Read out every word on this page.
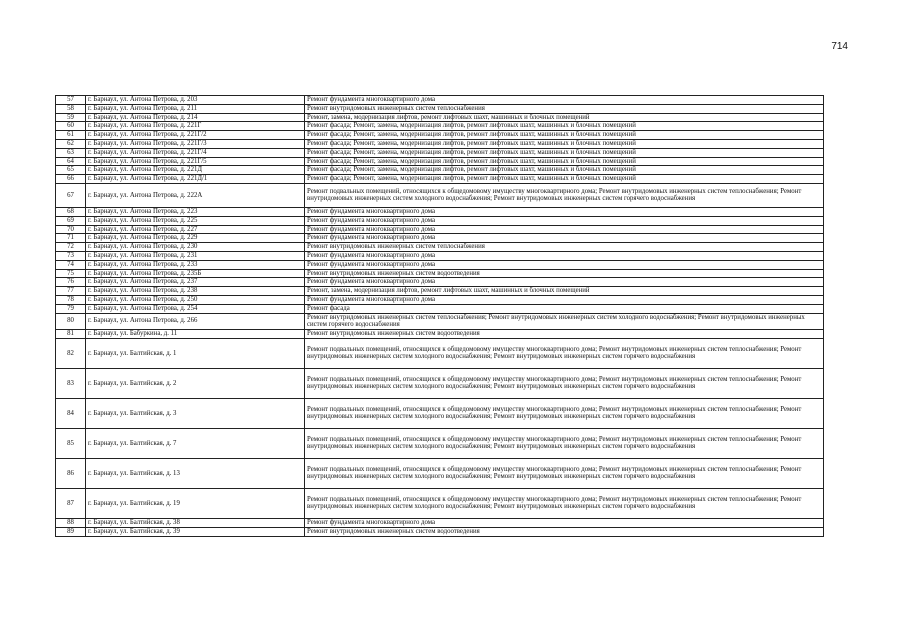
714
57	г. Барнаул, ул. Антона Петрова, д. 203	Ремонт фундамента многоквартирного дома
58	г. Барнаул, ул. Антона Петрова, д. 211	Ремонт внутридомовых инженерных систем теплоснабжения
59	г. Барнаул, ул. Антона Петрова, д. 214	Ремонт, замена, модернизация лифтов, ремонт лифтовых шахт, машинных и блочных помещений
60	г. Барнаул, ул. Антона Петрова, д. 221Г	Ремонт фасада; Ремонт, замена, модернизация лифтов, ремонт лифтовых шахт, машинных и блочных помещений
61	г. Барнаул, ул. Антона Петрова, д. 221Г/2	Ремонт фасада; Ремонт, замена, модернизация лифтов, ремонт лифтовых шахт, машинных и блочных помещений
62	г. Барнаул, ул. Антона Петрова, д. 221Г/3	Ремонт фасада; Ремонт, замена, модернизация лифтов, ремонт лифтовых шахт, машинных и блочных помещений
63	г. Барнаул, ул. Антона Петрова, д. 221Г/4	Ремонт фасада; Ремонт, замена, модернизация лифтов, ремонт лифтовых шахт, машинных и блочных помещений
64	г. Барнаул, ул. Антона Петрова, д. 221Г/5	Ремонт фасада; Ремонт, замена, модернизация лифтов, ремонт лифтовых шахт, машинных и блочных помещений
65	г. Барнаул, ул. Антона Петрова, д. 221Д	Ремонт фасада; Ремонт, замена, модернизация лифтов, ремонт лифтовых шахт, машинных и блочных помещений
66	г. Барнаул, ул. Антона Петрова, д. 221Д/1	Ремонт фасада; Ремонт, замена, модернизация лифтов, ремонт лифтовых шахт, машинных и блочных помещений
67	г. Барнаул, ул. Антона Петрова, д. 222А	Ремонт подвальных помещений, относящихся к общедомовому имуществу многоквартирного дома; Ремонт внутридомовых инженерных систем теплоснабжения; Ремонт внутридомовых инженерных систем холодного водоснабжения; Ремонт внутридомовых инженерных систем горячего водоснабжения
68	г. Барнаул, ул. Антона Петрова, д. 223	Ремонт фундамента многоквартирного дома
69	г. Барнаул, ул. Антона Петрова, д. 225	Ремонт фундамента многоквартирного дома
70	г. Барнаул, ул. Антона Петрова, д. 227	Ремонт фундамента многоквартирного дома
71	г. Барнаул, ул. Антона Петрова, д. 229	Ремонт фундамента многоквартирного дома
72	г. Барнаул, ул. Антона Петрова, д. 230	Ремонт внутридомовых инженерных систем теплоснабжения
73	г. Барнаул, ул. Антона Петрова, д. 231	Ремонт фундамента многоквартирного дома
74	г. Барнаул, ул. Антона Петрова, д. 233	Ремонт фундамента многоквартирного дома
75	г. Барнаул, ул. Антона Петрова, д. 235Б	Ремонт внутридомовых инженерных систем водоотведения
76	г. Барнаул, ул. Антона Петрова, д. 237	Ремонт фундамента многоквартирного дома
77	г. Барнаул, ул. Антона Петрова, д. 238	Ремонт, замена, модернизация лифтов, ремонт лифтовых шахт, машинных и блочных помещений
78	г. Барнаул, ул. Антона Петрова, д. 250	Ремонт фундамента многоквартирного дома
79	г. Барнаул, ул. Антона Петрова, д. 254	Ремонт фасада
80	г. Барнаул, ул. Антона Петрова, д. 266	Ремонт внутридомовых инженерных систем теплоснабжения; Ремонт внутридомовых инженерных систем холодного водоснабжения; Ремонт внутридомовых инженерных систем горячего водоснабжения
81	г. Барнаул, ул. Бабуркина, д. 11	Ремонт внутридомовых инженерных систем водоотведения
82	г. Барнаул, ул. Балтийская, д. 1	Ремонт подвальных помещений, относящихся к общедомовому имуществу многоквартирного дома; Ремонт внутридомовых инженерных систем теплоснабжения; Ремонт внутридомовых инженерных систем холодного водоснабжения; Ремонт внутридомовых инженерных систем горячего водоснабжения
83	г. Барнаул, ул. Балтийская, д. 2	Ремонт подвальных помещений, относящихся к общедомовому имуществу многоквартирного дома; Ремонт внутридомовых инженерных систем теплоснабжения; Ремонт внутридомовых инженерных систем холодного водоснабжения; Ремонт внутридомовых инженерных систем горячего водоснабжения
84	г. Барнаул, ул. Балтийская, д. 3	Ремонт подвальных помещений, относящихся к общедомовому имуществу многоквартирного дома; Ремонт внутридомовых инженерных систем теплоснабжения; Ремонт внутридомовых инженерных систем холодного водоснабжения; Ремонт внутридомовых инженерных систем горячего водоснабжения
85	г. Барнаул, ул. Балтийская, д. 7	Ремонт подвальных помещений, относящихся к общедомовому имуществу многоквартирного дома; Ремонт внутридомовых инженерных систем теплоснабжения; Ремонт внутридомовых инженерных систем холодного водоснабжения; Ремонт внутридомовых инженерных систем горячего водоснабжения
86	г. Барнаул, ул. Балтийская, д. 13	Ремонт подвальных помещений, относящихся к общедомовому имуществу многоквартирного дома; Ремонт внутридомовых инженерных систем теплоснабжения; Ремонт внутридомовых инженерных систем холодного водоснабжения; Ремонт внутридомовых инженерных систем горячего водоснабжения
87	г. Барнаул, ул. Балтийская, д. 19	Ремонт подвальных помещений, относящихся к общедомовому имуществу многоквартирного дома; Ремонт внутридомовых инженерных систем теплоснабжения; Ремонт внутридомовых инженерных систем холодного водоснабжения; Ремонт внутридомовых инженерных систем горячего водоснабжения
88	г. Барнаул, ул. Балтийская, д. 38	Ремонт фундамента многоквартирного дома
89	г. Барнаул, ул. Балтийская, д. 39	Ремонт внутридомовых инженерных систем водоотведения
